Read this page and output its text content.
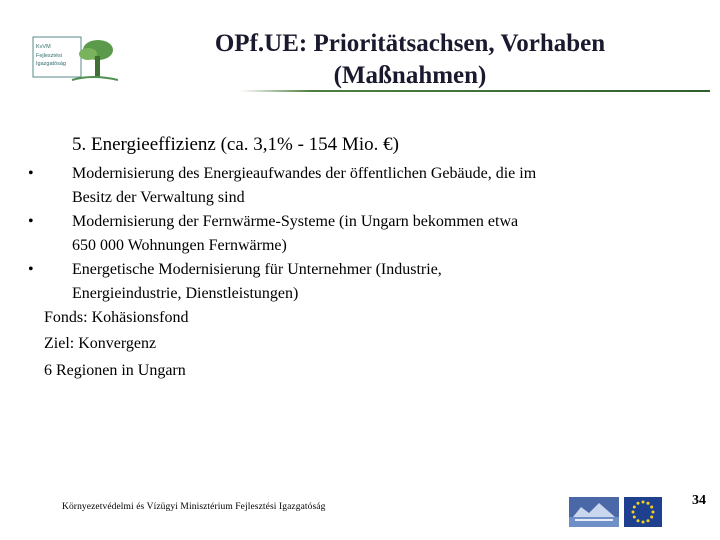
KvVM
Fejlesztési
Igazgatóság
OPf.UE: Prioritätsachsen, Vorhaben
(Maßnahmen)
5. Energieeffizienz (ca. 3,1% - 154 Mio. €)
• Modernisierung des Energieaufwandes der öffentlichen Gebäude, die im
Besitz der Verwaltung sind
• Modernisierung der Fernwärme-Systeme (in Ungarn bekommen etwa
650 000 Wohnungen Fernwärme)
• Energetische Modernisierung für Unternehmer (Industrie,
Energieindustrie, Dienstleistungen)
Fonds: Kohäsionsfond
Ziel: Konvergenz
6 Regionen in Ungarn
Környezetvédelmi és Vízügyi Minisztérium Fejlesztési Igazgatóság	34
